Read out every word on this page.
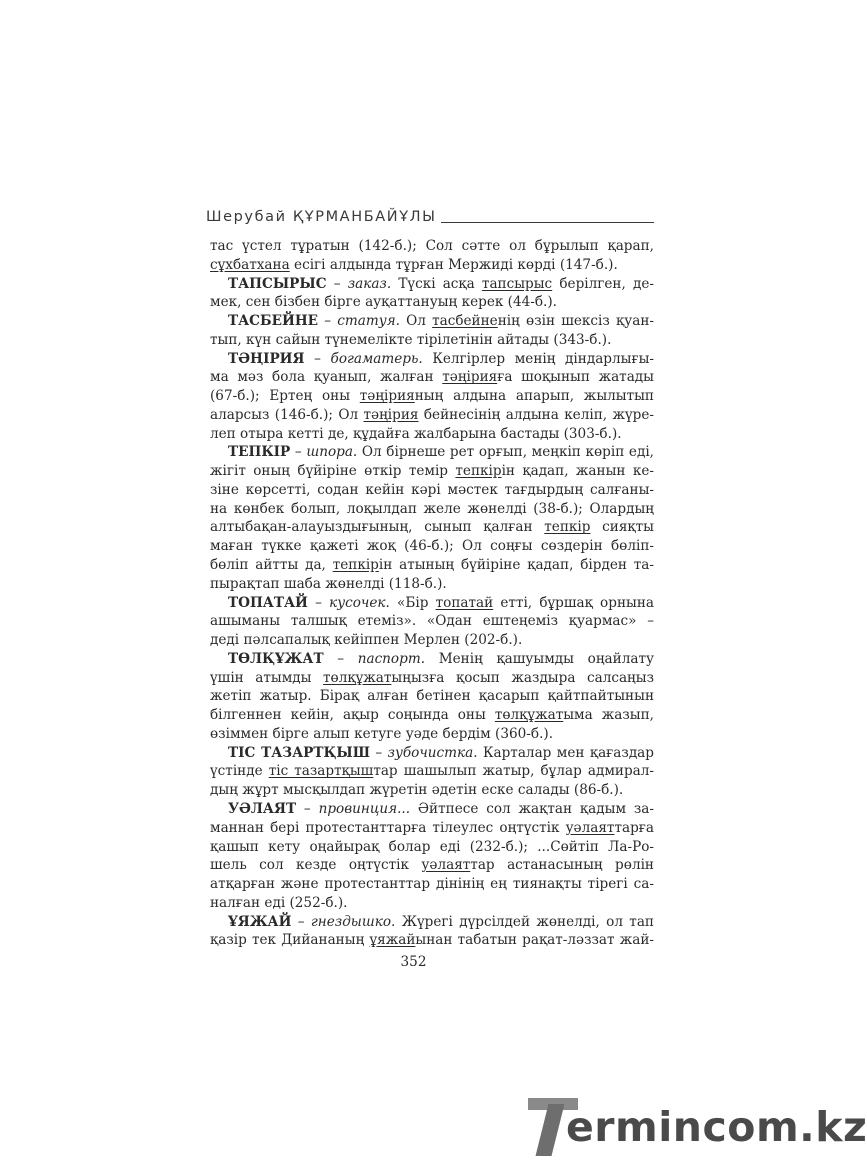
Шерубай ҚҰРМАНБАЙҰЛЫ
тас үстел тұратын (142-б.); Сол сәтте ол бұрылып қарап,
сұхбатхана есігі алдында тұрған Мержиді көрді (147-б.).
ТАПСЫРЫС – заказ. Түскі асқа тапсырыс берілген, де-
мек, сен бізбен бірге ауқаттануың керек (44-б.).
ТАСБЕЙНЕ – статуя. Ол тасбейненің өзін шексіз қуан-
тып, күн сайын түнемелікте тірілетінін айтады (343-б.).
ТӘҢІРИЯ – богаматерь. Келгірлер менің діндарлығы-
ма мәз бола қуанып, жалған тәңірияға шоқынып жатады
(67-б.); Ертең оны тәңірияның алдына апарып, жылытып
аларсыз (146-б.); Ол тәңірия бейнесінің алдына келіп, жүре-
леп отыра кетті де, құдайға жалбарына бастады (303-б.).
ТЕПКІР – шпора. Ол бірнеше рет орғып, меңкіп көріп еді,
жігіт оның бүйіріне өткір темір тепкірін қадап, жанын ке-
зіне көрсетті, содан кейін кәрі мәстек тағдырдың салғаны-
на көнбек болып, лоқылдап желе жөнелді (38-б.); Олардың
алтыбақан-алауыздығының, сынып қалған тепкір сияқты
маған түкке қажеті жоқ (46-б.); Ол соңғы сөздерін бөліп-
бөліп айтты да, тепкірін атының бүйіріне қадап, бірден та-
пырақтап шаба жөнелді (118-б.).
ТОПАТАЙ – кусочек. «Бір топатай етті, бұршақ орнына
ашыманы талшық етеміз». «Одан ештеңеміз қуармас» –
деді пәлсапалық кейіппен Мерлен (202-б.).
ТӨЛҚҰЖАТ – паспорт. Менің қашуымды оңайлату
үшін атымды төлқұжатыңызға қосып жаздыра салсаңыз
жетіп жатыр. Бірақ алған бетінен қасарып қайтпайтынын
білгеннен кейін, ақыр соңында оны төлқұжатыма жазып,
өзіммен бірге алып кетуге уәде бердім (360-б.).
ТІС ТАЗАРТҚЫШ – зубочистка. Карталар мен қағаздар
үстінде тіс тазартқыштар шашылып жатыр, бұлар адмирал-
дың жұрт мысқылдап жүретін әдетін еске салады (86-б.).
УӘЛАЯТ – провинция... Әйтпесе сол жақтан қадым за-
маннан бері протестанттарға тілеулес оңтүстік уәлаяттарға
қашып кету оңайырақ болар еді (232-б.); ...Сөйтіп Ла-Ро-
шель сол кезде оңтүстік уәлаяттар астанасының рөлін
атқарған және протестанттар дінінің ең тиянақты тірегі са-
налған еді (252-б.).
ҰЯЖАЙ – гнездышко. Жүрегі дүрсілдей жөнелді, ол тап
қазір тек Дийананың ұяжайынан табатын рақат-ләззат жай-
352
ermincom.kz
